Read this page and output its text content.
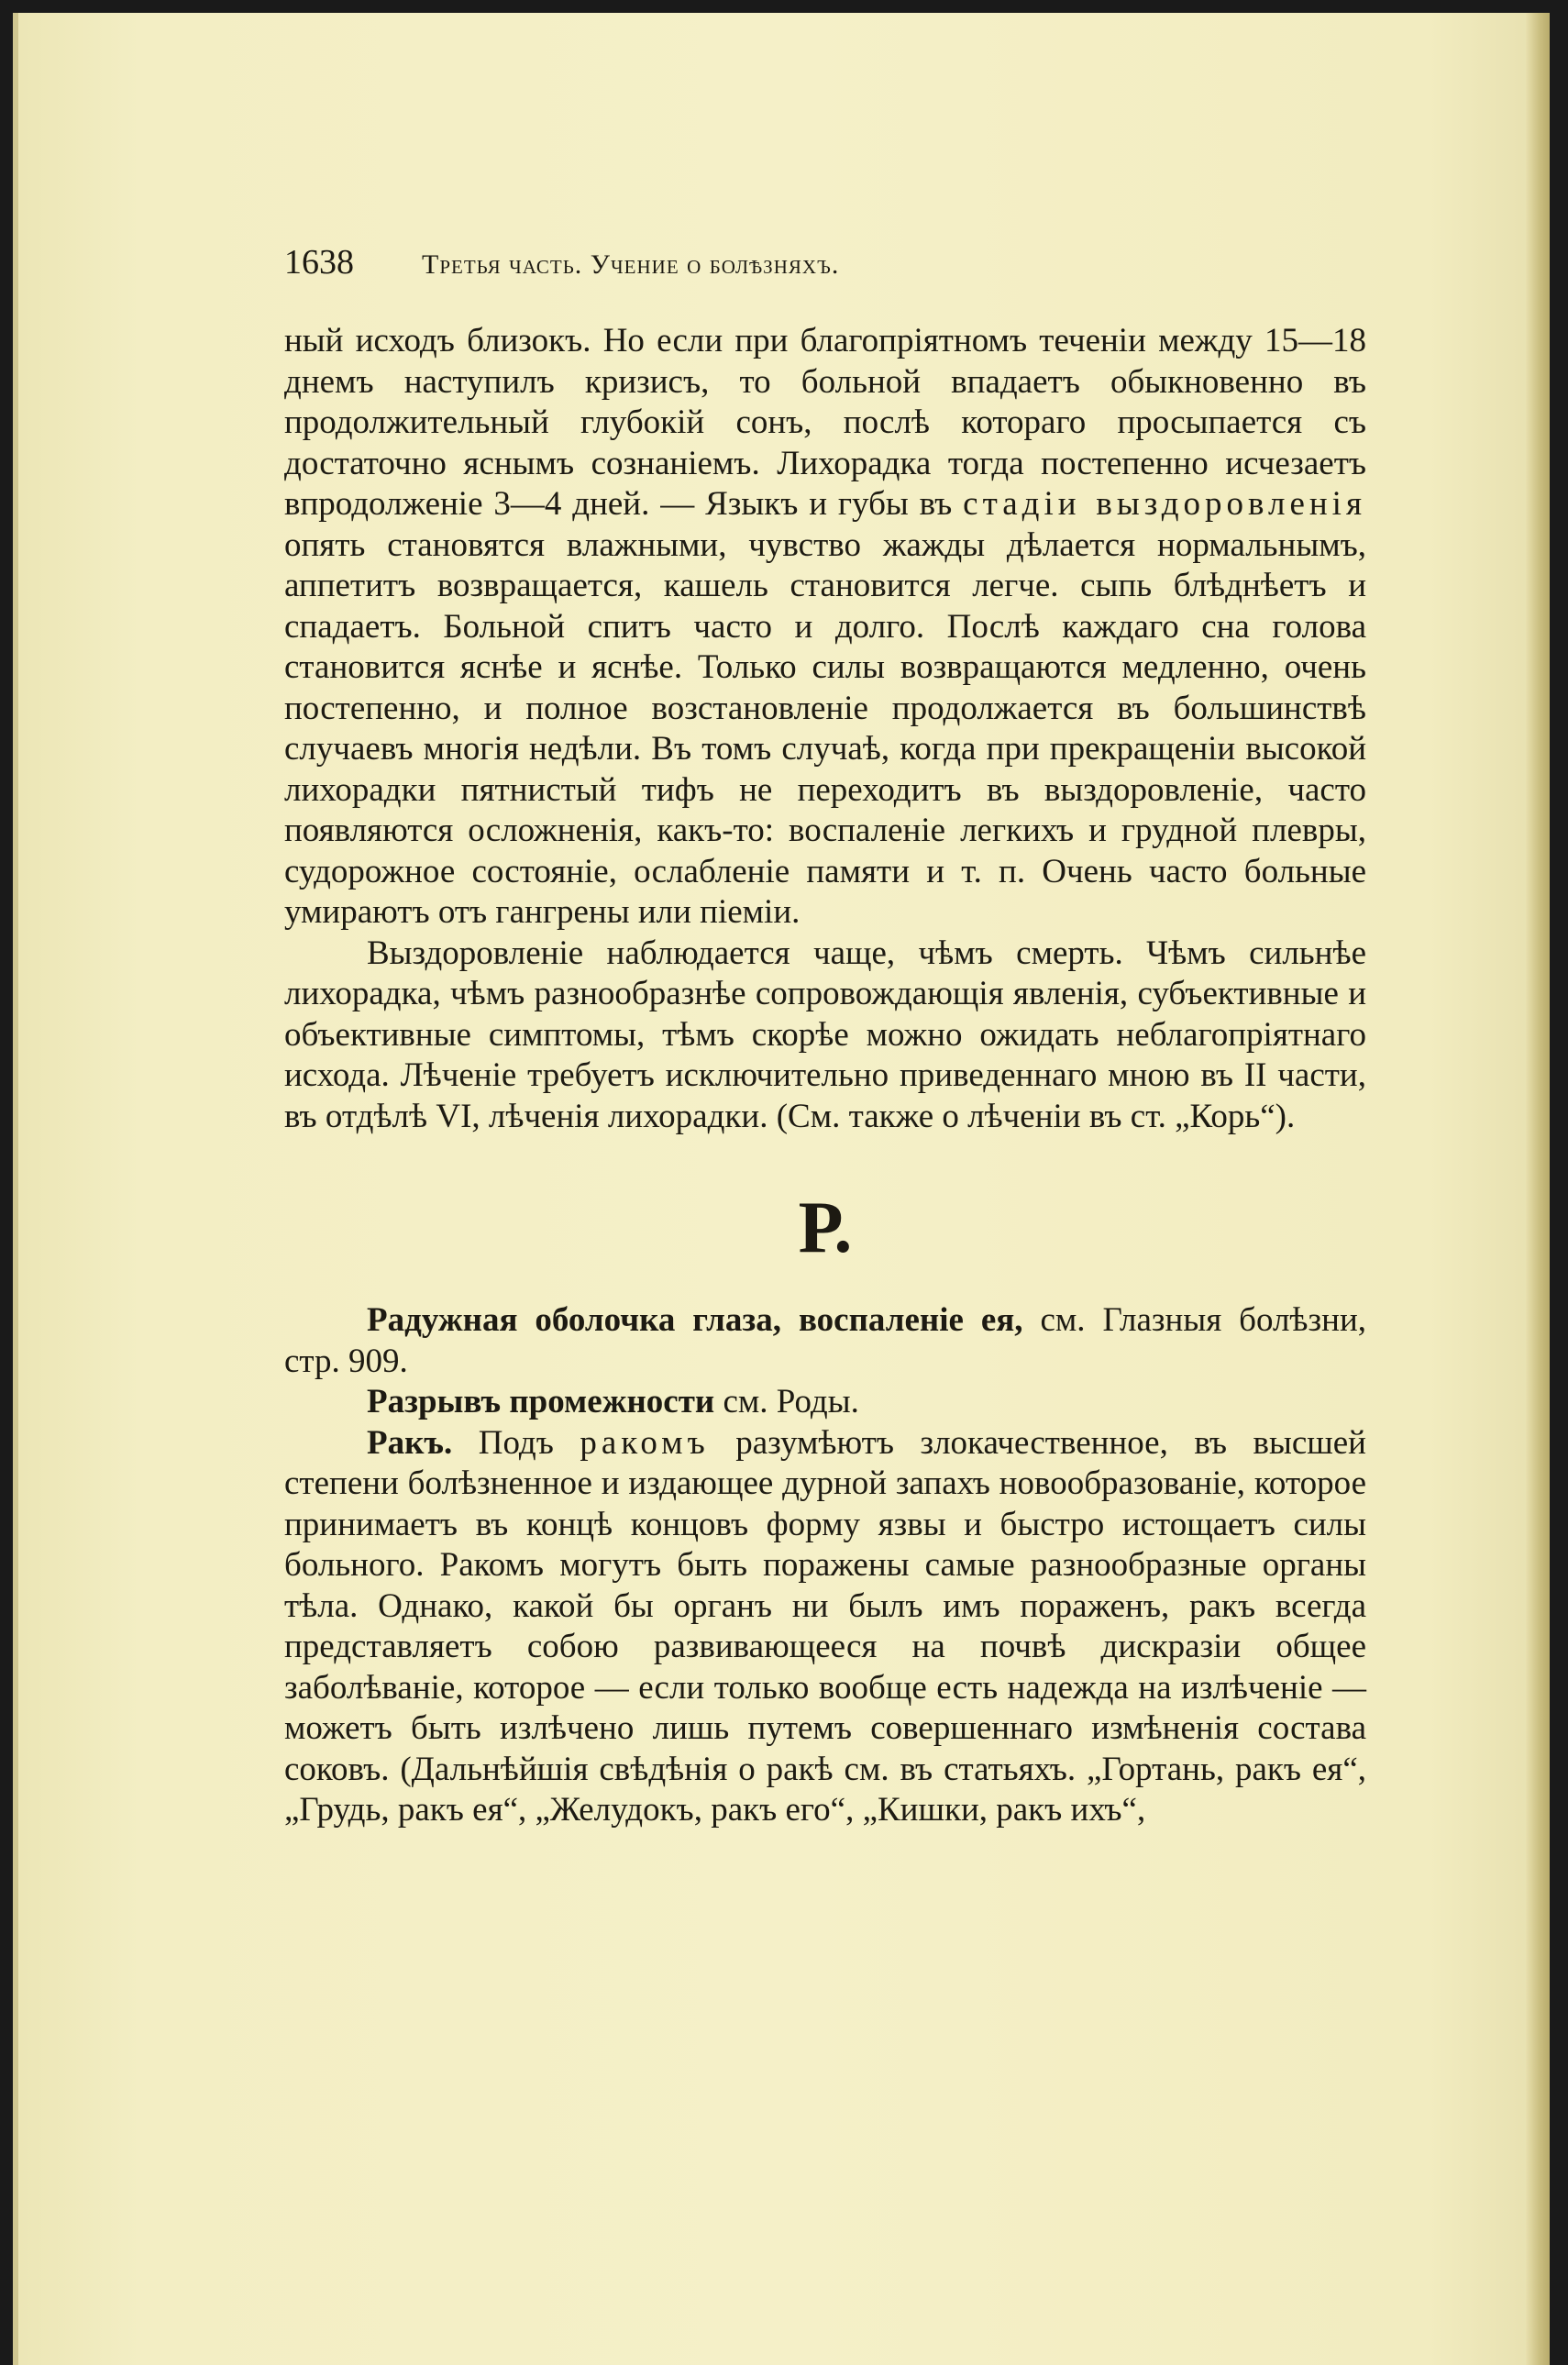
1638	Третья часть. Учение о болѣзняхъ.

ный исходъ близокъ. Но если при благопріятномъ теченіи между 15—18 днемъ наступилъ кризисъ, то больной впадаетъ обыкновенно въ продолжительный глубокій сонъ, послѣ котораго просыпается съ достаточно яснымъ сознаніемъ. Лихорадка тогда постепенно исчезаетъ впродолженіе 3—4 дней. — Языкъ и губы въ стадіи выздоровленія опять становятся влажными, чувство жажды дѣлается нормальнымъ, аппетитъ возвращается, кашель становится легче. сыпь блѣднѣетъ и спадаетъ. Больной спитъ часто и долго. Послѣ каждаго сна голова становится яснѣе и яснѣе. Только силы возвращаются медленно, очень постепенно, и полное возстановленіе продолжается въ большинствѣ случаевъ многія недѣли. Въ томъ случаѣ, когда при прекращеніи высокой лихорадки пятнистый тифъ не переходитъ въ выздоровленіе, часто появляются осложненія, какъ-то: воспаленіе легкихъ и грудной плевры, судорожное состояніе, ослабленіе памяти и т. п. Очень часто больные умираютъ отъ гангрены или піеміи.

Выздоровленіе наблюдается чаще, чѣмъ смерть. Чѣмъ сильнѣе лихорадка, чѣмъ разнообразнѣе сопровождающія явленія, субъективные и объективные симптомы, тѣмъ скорѣе можно ожидать неблагопріятнаго исхода. Лѣченіе требуетъ исключительно приведеннаго мною въ II части, въ отдѣлѣ VI, лѣченія лихорадки. (См. также о лѣченіи въ ст. „Корь“).

Р.

Радужная оболочка глаза, воспаленіе ея, см. Глазныя болѣзни, стр. 909.

Разрывъ промежности см. Роды.

Ракъ. Подъ ракомъ разумѣютъ злокачественное, въ высшей степени болѣзненное и издающее дурной запахъ новообразованіе, которое принимаетъ въ концѣ концовъ форму язвы и быстро истощаетъ силы больного. Ракомъ могутъ быть поражены самые разнообразные органы тѣла. Однако, какой бы органъ ни былъ имъ пораженъ, ракъ всегда представляетъ собою развивающееся на почвѣ дискразіи общее заболѣваніе, которое — если только вообще есть надежда на излѣченіе — можетъ быть излѣчено лишь путемъ совершеннаго измѣненія состава соковъ. (Дальнѣйшія свѣдѣнія о ракѣ см. въ статьяхъ. „Гортань, ракъ ея“, „Грудь, ракъ ея“, „Желудокъ, ракъ его“, „Кишки, ракъ ихъ“,
